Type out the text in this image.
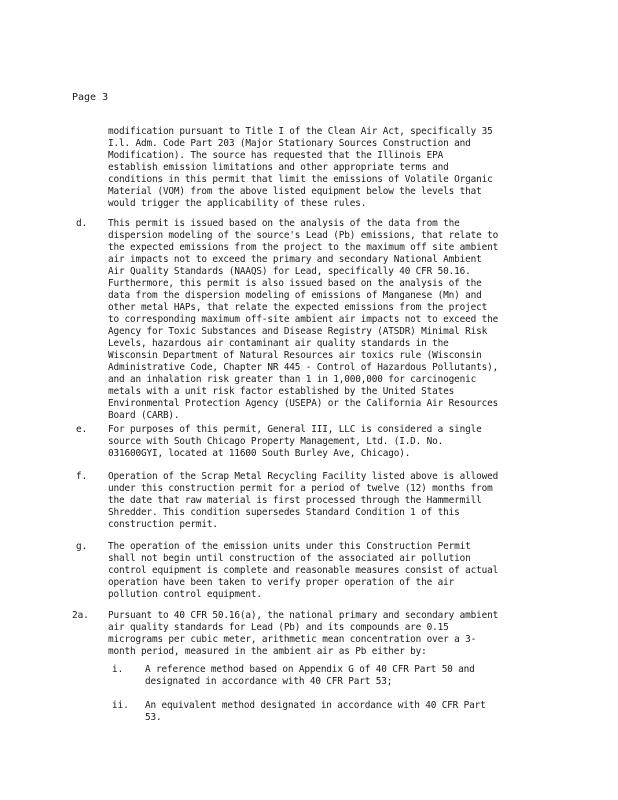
Page 3
modification pursuant to Title I of the Clean Air Act, specifically 35
I.l. Adm. Code Part 203 (Major Stationary Sources Construction and
Modification). The source has requested that the Illinois EPA
establish emission limitations and other appropriate terms and
conditions in this permit that limit the emissions of Volatile Organic
Material (VOM) from the above listed equipment below the levels that
would trigger the applicability of these rules.
d. This permit is issued based on the analysis of the data from the
dispersion modeling of the source's Lead (Pb) emissions, that relate to
the expected emissions from the project to the maximum off site ambient
air impacts not to exceed the primary and secondary National Ambient
Air Quality Standards (NAAQS) for Lead, specifically 40 CFR 50.16.
Furthermore, this permit is also issued based on the analysis of the
data from the dispersion modeling of emissions of Manganese (Mn) and
other metal HAPs, that relate the expected emissions from the project
to corresponding maximum off-site ambient air impacts not to exceed the
Agency for Toxic Substances and Disease Registry (ATSDR) Minimal Risk
Levels, hazardous air contaminant air quality standards in the
Wisconsin Department of Natural Resources air toxics rule (Wisconsin
Administrative Code, Chapter NR 445 - Control of Hazardous Pollutants),
and an inhalation risk greater than 1 in 1,000,000 for carcinogenic
metals with a unit risk factor established by the United States
Environmental Protection Agency (USEPA) or the California Air Resources
Board (CARB).
e. For purposes of this permit, General III, LLC is considered a single
source with South Chicago Property Management, Ltd. (I.D. No.
031600GYI, located at 11600 South Burley Ave, Chicago).
f. Operation of the Scrap Metal Recycling Facility listed above is allowed
under this construction permit for a period of twelve (12) months from
the date that raw material is first processed through the Hammermill
Shredder. This condition supersedes Standard Condition 1 of this
construction permit.
g. The operation of the emission units under this Construction Permit
shall not begin until construction of the associated air pollution
control equipment is complete and reasonable measures consist of actual
operation have been taken to verify proper operation of the air
pollution control equipment.
2a. Pursuant to 40 CFR 50.16(a), the national primary and secondary ambient
air quality standards for Lead (Pb) and its compounds are 0.15
micrograms per cubic meter, arithmetic mean concentration over a 3-
month period, measured in the ambient air as Pb either by:
i. A reference method based on Appendix G of 40 CFR Part 50 and
designated in accordance with 40 CFR Part 53;
ii. An equivalent method designated in accordance with 40 CFR Part
53.
